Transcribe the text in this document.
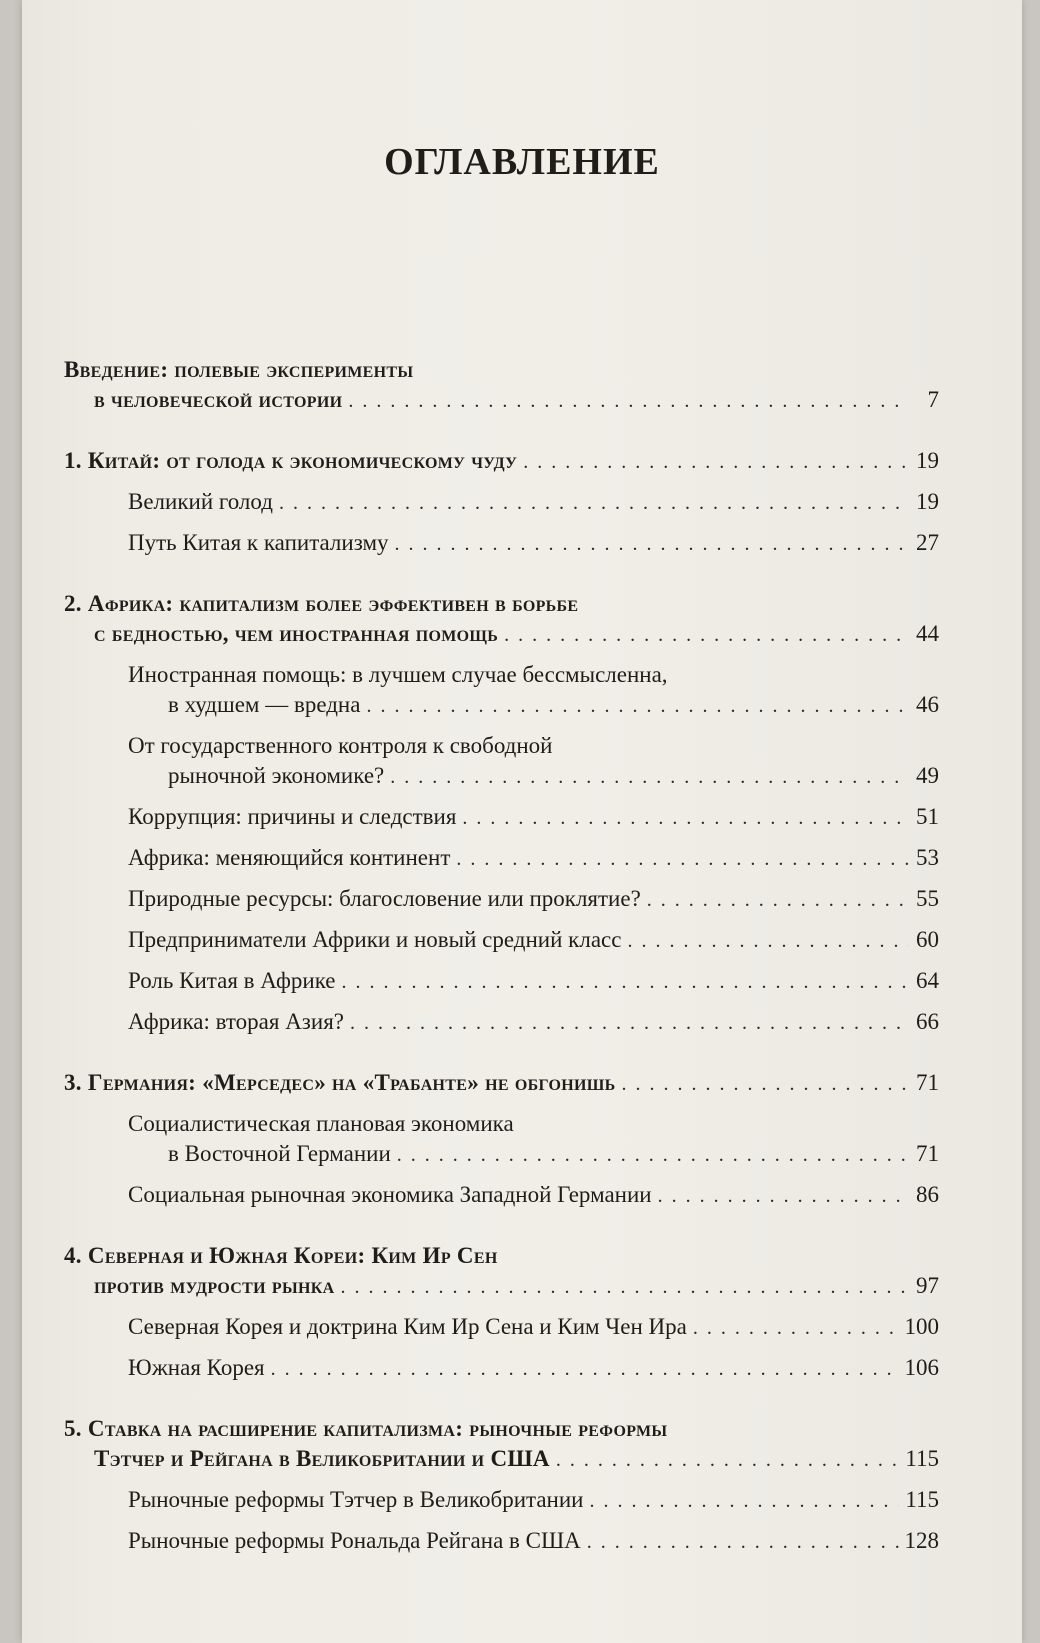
ОГЛАВЛЕНИЕ
Введение: полевые эксперименты
в человеческой истории . . .	7
1. Китай: от голода к экономическому чуду . . .	19
Великий голод . . .	19
Путь Китая к капитализму . . .	27
2. Африка: капитализм более эффективен в борьбе
с бедностью, чем иностранная помощь . . .	44
Иностранная помощь: в лучшем случае бессмысленна,
в худшем — вредна . . .	46
От государственного контроля к свободной
рыночной экономике? . . .	49
Коррупция: причины и следствия . . .	51
Африка: меняющийся континент . . .	53
Природные ресурсы: благословение или проклятие? . . .	55
Предприниматели Африки и новый средний класс . . .	60
Роль Китая в Африке . . .	64
Африка: вторая Азия? . . .	66
3. Германия: «Мерседес» на «Трабанте» не обгонишь . . .	71
Социалистическая плановая экономика
в Восточной Германии . . .	71
Социальная рыночная экономика Западной Германии . . .	86
4. Северная и Южная Кореи: Ким Ир Сен
против мудрости рынка . . .	97
Северная Корея и доктрина Ким Ир Сена и Ким Чен Ира . . .	100
Южная Корея . . .	106
5. Ставка на расширение капитализма: рыночные реформы
Тэтчер и Рейгана в Великобритании и США . . .	115
Рыночные реформы Тэтчер в Великобритании . . .	115
Рыночные реформы Рональда Рейгана в США . . .	128
